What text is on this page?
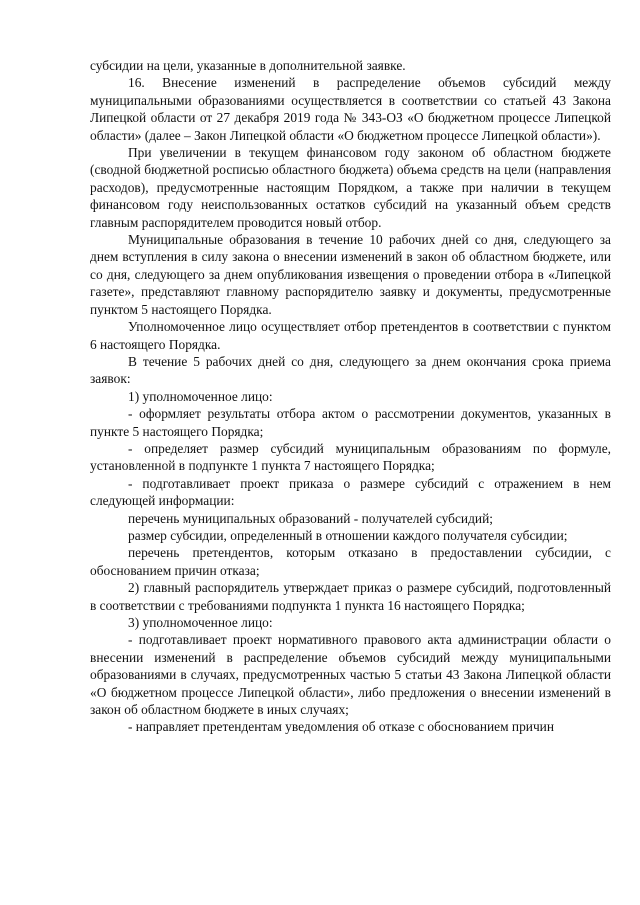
субсидии на цели, указанные в дополнительной заявке.

16. Внесение изменений в распределение объемов субсидий между муниципальными образованиями осуществляется в соответствии со статьей 43 Закона Липецкой области от 27 декабря 2019 года № 343-ОЗ «О бюджетном процессе Липецкой области» (далее – Закон Липецкой области «О бюджетном процессе Липецкой области»).

При увеличении в текущем финансовом году законом об областном бюджете (сводной бюджетной росписью областного бюджета) объема средств на цели (направления расходов), предусмотренные настоящим Порядком, а также при наличии в текущем финансовом году неиспользованных остатков субсидий на указанный объем средств главным распорядителем проводится новый отбор.

Муниципальные образования в течение 10 рабочих дней со дня, следующего за днем вступления в силу закона о внесении изменений в закон об областном бюджете, или со дня, следующего за днем опубликования извещения о проведении отбора в «Липецкой газете», представляют главному распорядителю заявку и документы, предусмотренные пунктом 5 настоящего Порядка.

Уполномоченное лицо осуществляет отбор претендентов в соответствии с пунктом 6 настоящего Порядка.

В течение 5 рабочих дней со дня, следующего за днем окончания срока приема заявок:

1) уполномоченное лицо:

- оформляет результаты отбора актом о рассмотрении документов, указанных в пункте 5 настоящего Порядка;

- определяет размер субсидий муниципальным образованиям по формуле, установленной в подпункте 1 пункта 7 настоящего Порядка;

- подготавливает проект приказа о размере субсидий с отражением в нем следующей информации:

перечень муниципальных образований - получателей субсидий;

размер субсидии, определенный в отношении каждого получателя субсидии;

перечень претендентов, которым отказано в предоставлении субсидии, с обоснованием причин отказа;

2) главный распорядитель утверждает приказ о размере субсидий, подготовленный в соответствии с требованиями подпункта 1 пункта 16 настоящего Порядка;

3) уполномоченное лицо:

- подготавливает проект нормативного правового акта администрации области о внесении изменений в распределение объемов субсидий между муниципальными образованиями в случаях, предусмотренных частью 5 статьи 43 Закона Липецкой области «О бюджетном процессе Липецкой области», либо предложения о внесении изменений в закон об областном бюджете в иных случаях;

- направляет претендентам уведомления об отказе с обоснованием причин
